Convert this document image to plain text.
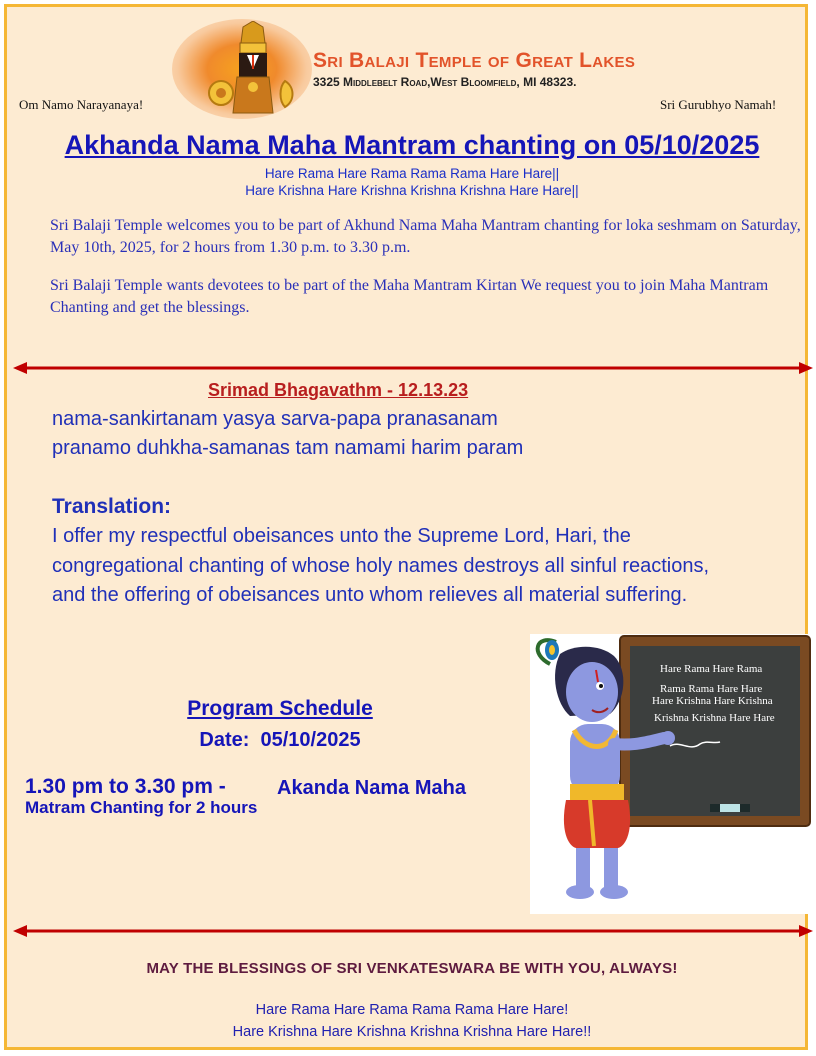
Sri Balaji Temple of Great Lakes
3325 Middlebelt Road,West Bloomfield, MI 48323.
Om Namo Narayanaya!	Sri Gurubhyo Namah!
Akhanda Nama Maha Mantram chanting on 05/10/2025
Hare Rama Hare Rama Rama Rama Hare Hare||
Hare Krishna Hare Krishna Krishna Krishna Hare Hare||
Sri Balaji Temple welcomes you to be part of Akhund Nama Maha Mantram chanting for loka seshmam on Saturday, May 10th, 2025, for 2 hours from 1.30 p.m. to 3.30 p.m.
Sri Balaji Temple wants devotees to be part of the Maha Mantram Kirtan We request you to join Maha Mantram Chanting and get the blessings.
Srimad Bhagavathm - 12.13.23
nama-sankirtanam yasya sarva-papa pranasanam
pranamo duhkha-samanas tam namami harim param
Translation:
I offer my respectful obeisances unto the Supreme Lord, Hari, the congregational chanting of whose holy names destroys all sinful reactions, and the offering of obeisances unto whom relieves all material suffering.
Program Schedule
Date:  05/10/2025
1.30 pm to 3.30 pm -	Akanda Nama Maha
Matram Chanting for 2 hours
Hare Rama Hare Rama
Rama Rama Hare Hare
Hare Krishna Hare Krishna
Krishna Krishna Hare Hare
MAY THE BLESSINGS OF SRI VENKATESWARA BE WITH YOU, ALWAYS!
Hare Rama Hare Rama Rama Rama Hare Hare!
Hare Krishna Hare Krishna Krishna Krishna Hare Hare!!
